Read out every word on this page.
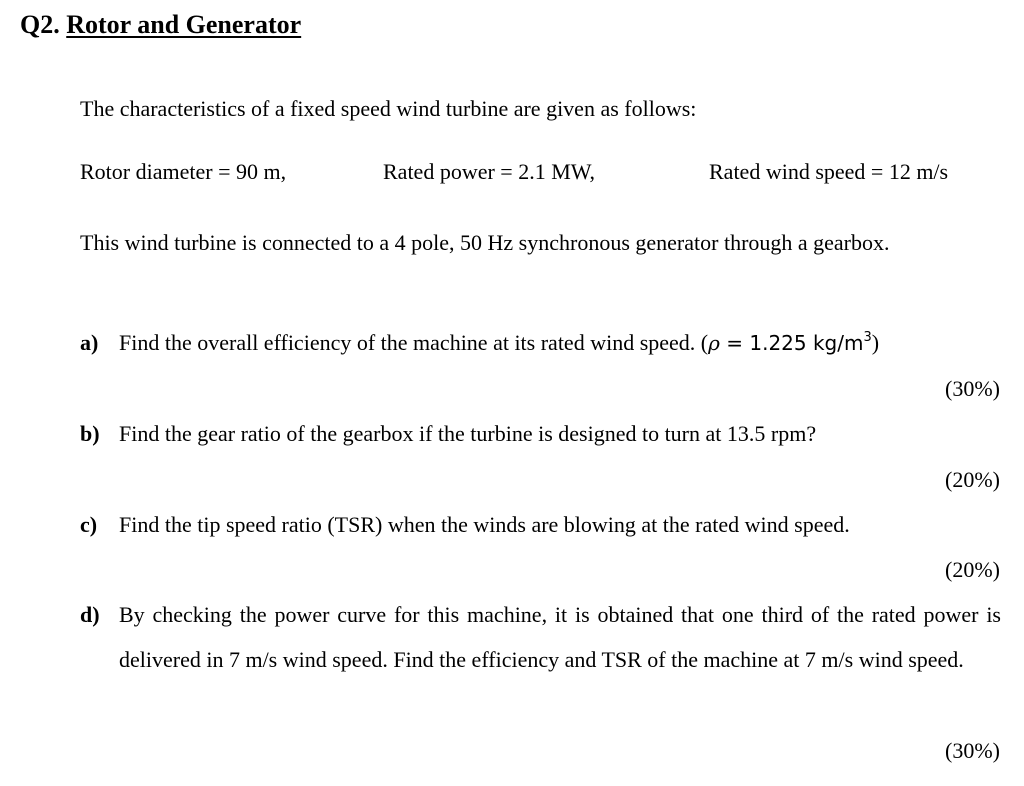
Q2. Rotor and Generator
The characteristics of a fixed speed wind turbine are given as follows:
Rotor diameter = 90 m,	Rated power = 2.1 MW,	Rated wind speed = 12 m/s
This wind turbine is connected to a 4 pole, 50 Hz synchronous generator through a gearbox.
a) Find the overall efficiency of the machine at its rated wind speed. (ρ = 1.225 $kg/m^3$)
(30%)
b) Find the gear ratio of the gearbox if the turbine is designed to turn at 13.5 rpm?
(20%)
c) Find the tip speed ratio (TSR) when the winds are blowing at the rated wind speed.
(20%)
d) By checking the power curve for this machine, it is obtained that one third of the rated power is delivered in 7 m/s wind speed. Find the efficiency and TSR of the machine at 7 m/s wind speed.
(30%)
